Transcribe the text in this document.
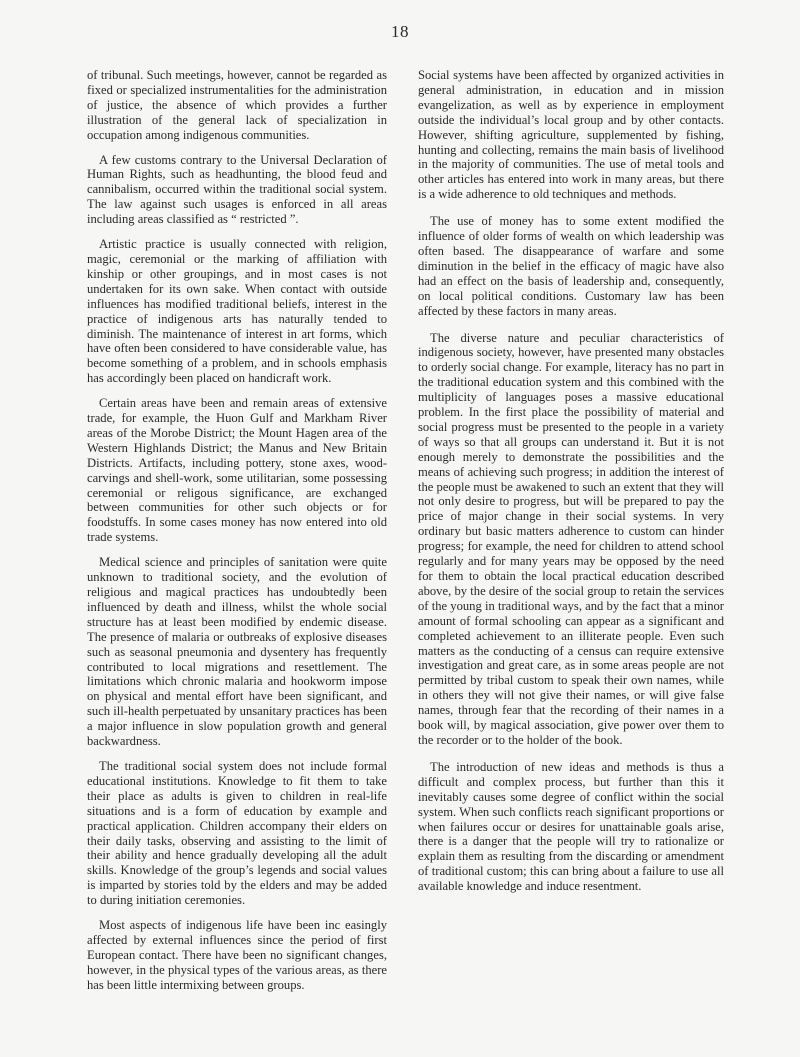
18

of tribunal. Such meetings, however, cannot be regarded as fixed or specialized instrumentalities for the administration of justice, the absence of which provides a further illustration of the general lack of specialization in occupation among indigenous communities.

A few customs contrary to the Universal Declaration of Human Rights, such as headhunting, the blood feud and cannibalism, occurred within the traditional social system. The law against such usages is enforced in all areas including areas classified as “ restricted ”.

Artistic practice is usually connected with religion, magic, ceremonial or the marking of affiliation with kinship or other groupings, and in most cases is not undertaken for its own sake. When contact with outside influences has modified traditional beliefs, interest in the practice of indigenous arts has naturally tended to diminish. The maintenance of interest in art forms, which have often been considered to have considerable value, has become something of a problem, and in schools emphasis has accordingly been placed on handicraft work.

Certain areas have been and remain areas of extensive trade, for example, the Huon Gulf and Markham River areas of the Morobe District; the Mount Hagen area of the Western Highlands District; the Manus and New Britain Districts. Artifacts, including pottery, stone axes, wood-carvings and shell-work, some utilitarian, some possessing ceremonial or religous significance, are exchanged between communities for other such objects or for foodstuffs. In some cases money has now entered into old trade systems.

Medical science and principles of sanitation were quite unknown to traditional society, and the evolution of religious and magical practices has undoubtedly been influenced by death and illness, whilst the whole social structure has at least been modified by endemic disease. The presence of malaria or outbreaks of explosive diseases such as seasonal pneumonia and dysentery has frequently contributed to local migrations and resettlement. The limitations which chronic malaria and hookworm impose on physical and mental effort have been significant, and such ill-health perpetuated by unsanitary practices has been a major influence in slow population growth and general backwardness.

The traditional social system does not include formal educational institutions. Knowledge to fit them to take their place as adults is given to children in real-life situations and is a form of education by example and practical application. Children accompany their elders on their daily tasks, observing and assisting to the limit of their ability and hence gradually developing all the adult skills. Knowledge of the group’s legends and social values is imparted by stories told by the elders and may be added to during initiation ceremonies.

Most aspects of indigenous life have been inc easingly affected by external influences since the period of first European contact. There have been no significant changes, however, in the physical types of the various areas, as there has been little intermixing between groups.

Social systems have been affected by organized activities in general administration, in education and in mission evangelization, as well as by experience in employment outside the individual’s local group and by other contacts. However, shifting agriculture, supplemented by fishing, hunting and collecting, remains the main basis of livelihood in the majority of communities. The use of metal tools and other articles has entered into work in many areas, but there is a wide adherence to old techniques and methods.

The use of money has to some extent modified the influence of older forms of wealth on which leadership was often based. The disappearance of warfare and some diminution in the belief in the efficacy of magic have also had an effect on the basis of leadership and, consequently, on local political conditions. Customary law has been affected by these factors in many areas.

The diverse nature and peculiar characteristics of indigenous society, however, have presented many obstacles to orderly social change. For example, literacy has no part in the traditional education system and this combined with the multiplicity of languages poses a massive educational problem. In the first place the possibility of material and social progress must be presented to the people in a variety of ways so that all groups can understand it. But it is not enough merely to demonstrate the possibilities and the means of achieving such progress; in addition the interest of the people must be awakened to such an extent that they will not only desire to progress, but will be prepared to pay the price of major change in their social systems. In very ordinary but basic matters adherence to custom can hinder progress; for example, the need for children to attend school regularly and for many years may be opposed by the need for them to obtain the local practical education described above, by the desire of the social group to retain the services of the young in traditional ways, and by the fact that a minor amount of formal schooling can appear as a significant and completed achievement to an illiterate people. Even such matters as the conducting of a census can require extensive investigation and great care, as in some areas people are not permitted by tribal custom to speak their own names, while in others they will not give their names, or will give false names, through fear that the recording of their names in a book will, by magical association, give power over them to the recorder or to the holder of the book.

The introduction of new ideas and methods is thus a difficult and complex process, but further than this it inevitably causes some degree of conflict within the social system. When such conflicts reach significant proportions or when failures occur or desires for unattainable goals arise, there is a danger that the people will try to rationalize or explain them as resulting from the discarding or amendment of traditional custom; this can bring about a failure to use all available knowledge and induce resentment.
